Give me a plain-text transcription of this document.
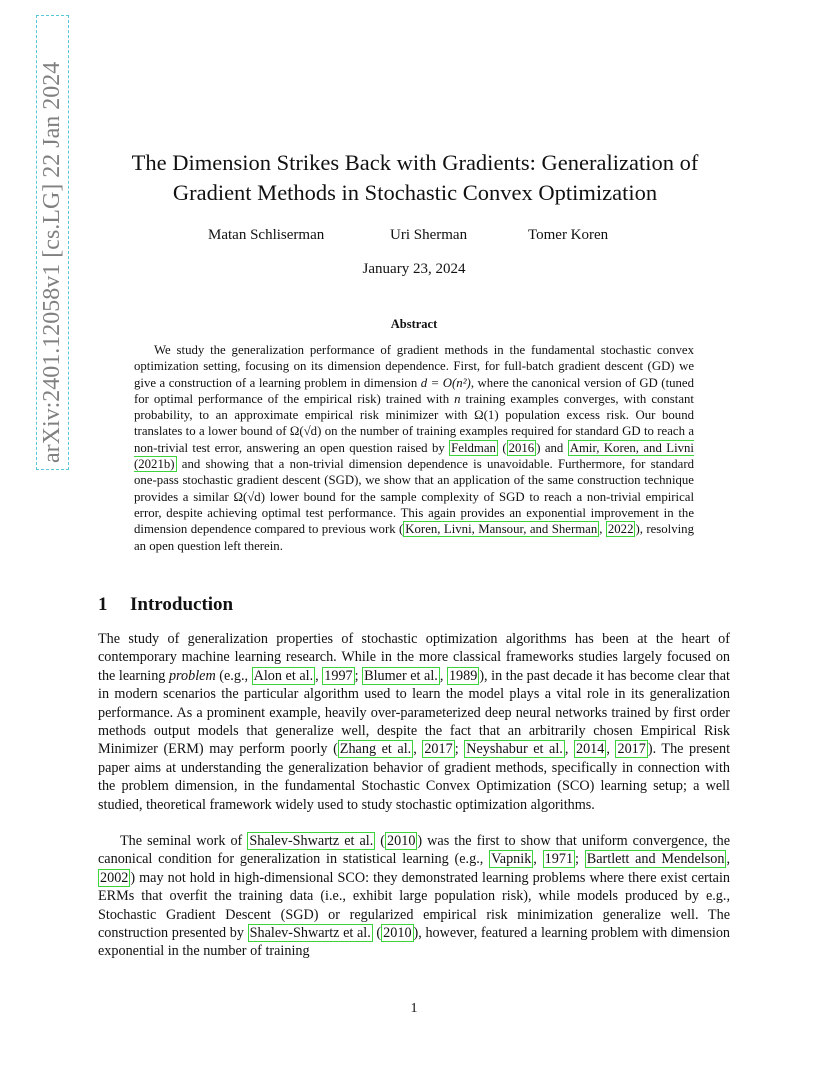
arXiv:2401.12058v1 [cs.LG] 22 Jan 2024	The Dimension Strikes Back with Gradients: Generalization of Gradient Methods in Stochastic Convex Optimization
Matan Schliserman	Uri Sherman	Tomer Koren
January 23, 2024
Abstract

We study the generalization performance of gradient methods in the fundamental stochastic convex optimization setting, focusing on its dimension dependence. First, for full-batch gradient descent (GD) we give a construction of a learning problem in dimension d = O(n²), where the canonical version of GD (tuned for optimal performance of the empirical risk) trained with n training examples converges, with constant probability, to an approximate empirical risk minimizer with Ω(1) population excess risk. Our bound translates to a lower bound of Ω(√d) on the number of training examples required for standard GD to reach a non-trivial test error, answering an open question raised by Feldman ( 2016 ) and Amir, Koren, and Livni (2021b) and showing that a non-trivial dimension dependence is unavoidable. Furthermore, for standard one-pass stochastic gradient descent (SGD), we show that an application of the same construction technique provides a similar Ω(√d) lower bound for the sample complexity of SGD to reach a non-trivial empirical error, despite achieving optimal test performance. This again provides an exponential improvement in the dimension dependence compared to previous work ( Koren, Livni, Mansour, and Sherman , 2022 ), resolving an open question left therein.

1 Introduction

The study of generalization properties of stochastic optimization algorithms has been at the heart of contemporary machine learning research. While in the more classical frameworks studies largely focused on the learning problem (e.g., Alon et al. , 1997 ; Blumer et al. , 1989 ), in the past decade it has become clear that in modern scenarios the particular algorithm used to learn the model plays a vital role in its generalization performance. As a prominent example, heavily over-parameterized deep neural networks trained by first order methods output models that generalize well, despite the fact that an arbitrarily chosen Empirical Risk Minimizer (ERM) may perform poorly ( Zhang et al. , 2017 ; Neyshabur et al. , 2014 , 2017 ). The present paper aims at understanding the generalization behavior of gradient methods, specifically in connection with the problem dimension, in the fundamental Stochastic Convex Optimization (SCO) learning setup; a well studied, theoretical framework widely used to study stochastic optimization algorithms.

The seminal work of Shalev-Shwartz et al. ( 2010 ) was the first to show that uniform convergence, the canonical condition for generalization in statistical learning (e.g., Vapnik , 1971 ; Bartlett and Mendelson , 2002 ) may not hold in high-dimensional SCO: they demonstrated learning problems where there exist certain ERMs that overfit the training data (i.e., exhibit large population risk), while models produced by e.g., Stochastic Gradient Descent (SGD) or regularized empirical risk minimization generalize well. The construction presented by Shalev-Shwartz et al. ( 2010 ), however, featured a learning problem with dimension exponential in the number of training

1
